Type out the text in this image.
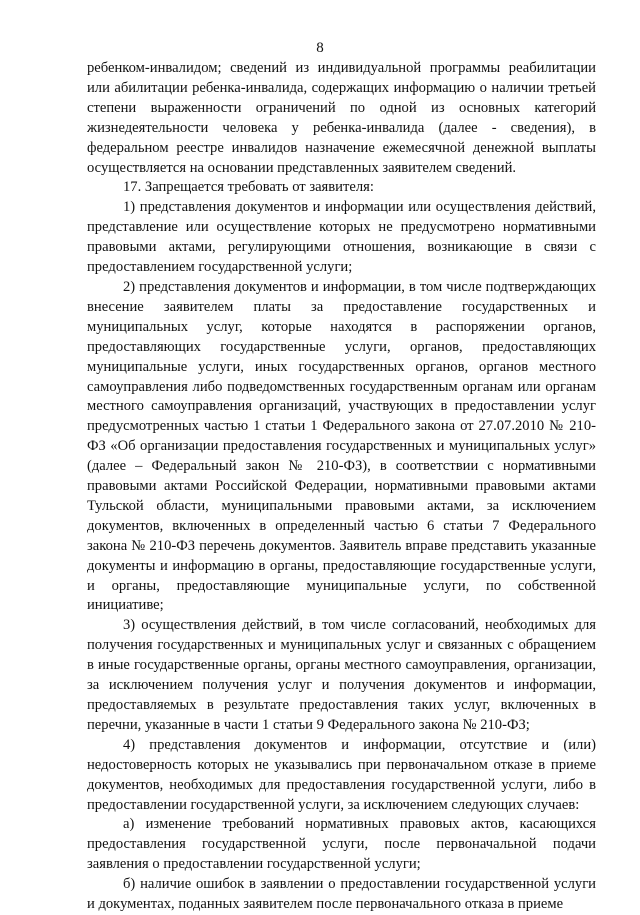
8

ребенком-инвалидом; сведений из индивидуальной программы реабилитации или абилитации ребенка-инвалида, содержащих информацию о наличии третьей степени выраженности ограничений по одной из основных категорий жизнедеятельности человека у ребенка-инвалида (далее - сведения), в федеральном реестре инвалидов назначение ежемесячной денежной выплаты осуществляется на основании представленных заявителем сведений.

17. Запрещается требовать от заявителя:

1) представления документов и информации или осуществления действий, представление или осуществление которых не предусмотрено нормативными правовыми актами, регулирующими отношения, возникающие в связи с предоставлением государственной услуги;

2) представления документов и информации, в том числе подтверждающих внесение заявителем платы за предоставление государственных и муниципальных услуг, которые находятся в распоряжении органов, предоставляющих государственные услуги, органов, предоставляющих муниципальные услуги, иных государственных органов, органов местного самоуправления либо подведомственных государственным органам или органам местного самоуправления организаций, участвующих в предоставлении услуг предусмотренных частью 1 статьи 1 Федерального закона от 27.07.2010 № 210-ФЗ «Об организации предоставления государственных и муниципальных услуг» (далее – Федеральный закон № 210-ФЗ), в соответствии с нормативными правовыми актами Российской Федерации, нормативными правовыми актами Тульской области, муниципальными правовыми актами, за исключением документов, включенных в определенный частью 6 статьи 7 Федерального закона № 210-ФЗ перечень документов. Заявитель вправе представить указанные документы и информацию в органы, предоставляющие государственные услуги, и органы, предоставляющие муниципальные услуги, по собственной инициативе;

3) осуществления действий, в том числе согласований, необходимых для получения государственных и муниципальных услуг и связанных с обращением в иные государственные органы, органы местного самоуправления, организации, за исключением получения услуг и получения документов и информации, предоставляемых в результате предоставления таких услуг, включенных в перечни, указанные в части 1 статьи 9 Федерального закона № 210-ФЗ;

4) представления документов и информации, отсутствие и (или) недостоверность которых не указывались при первоначальном отказе в приеме документов, необходимых для предоставления государственной услуги, либо в предоставлении государственной услуги, за исключением следующих случаев:

а) изменение требований нормативных правовых актов, касающихся предоставления государственной услуги, после первоначальной подачи заявления о предоставлении государственной услуги;

б) наличие ошибок в заявлении о предоставлении государственной услуги и документах, поданных заявителем после первоначального отказа в приеме
